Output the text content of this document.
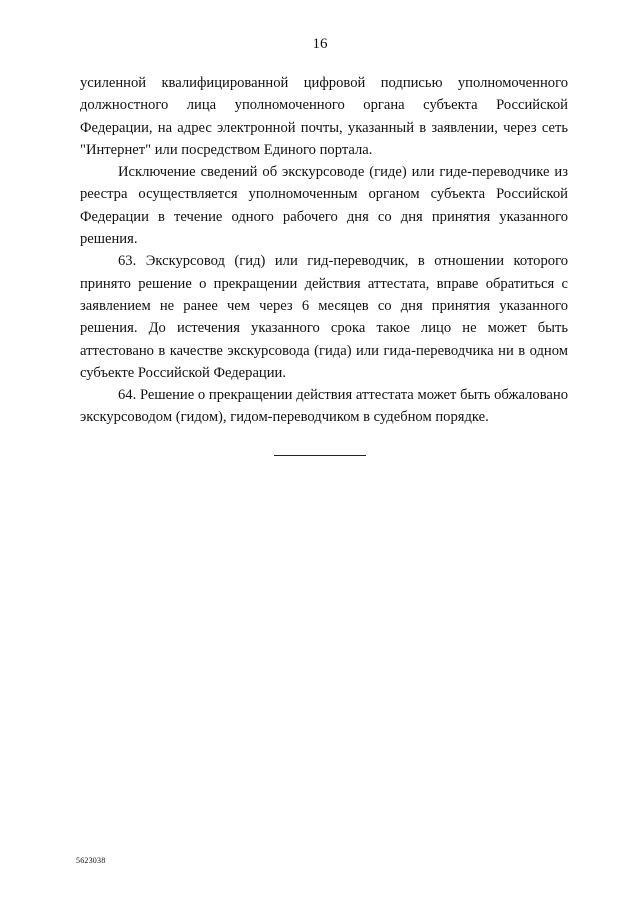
16

усиленной квалифицированной цифровой подписью уполномоченного должностного лица уполномоченного органа субъекта Российской Федерации, на адрес электронной почты, указанный в заявлении, через сеть "Интернет" или посредством Единого портала.

Исключение сведений об экскурсоводе (гиде) или гиде-переводчике из реестра осуществляется уполномоченным органом субъекта Российской Федерации в течение одного рабочего дня со дня принятия указанного решения.

63. Экскурсовод (гид) или гид-переводчик, в отношении которого принято решение о прекращении действия аттестата, вправе обратиться с заявлением не ранее чем через 6 месяцев со дня принятия указанного решения. До истечения указанного срока такое лицо не может быть аттестовано в качестве экскурсовода (гида) или гида-переводчика ни в одном субъекте Российской Федерации.

64. Решение о прекращении действия аттестата может быть обжаловано экскурсоводом (гидом), гидом-переводчиком в судебном порядке.

5623038
